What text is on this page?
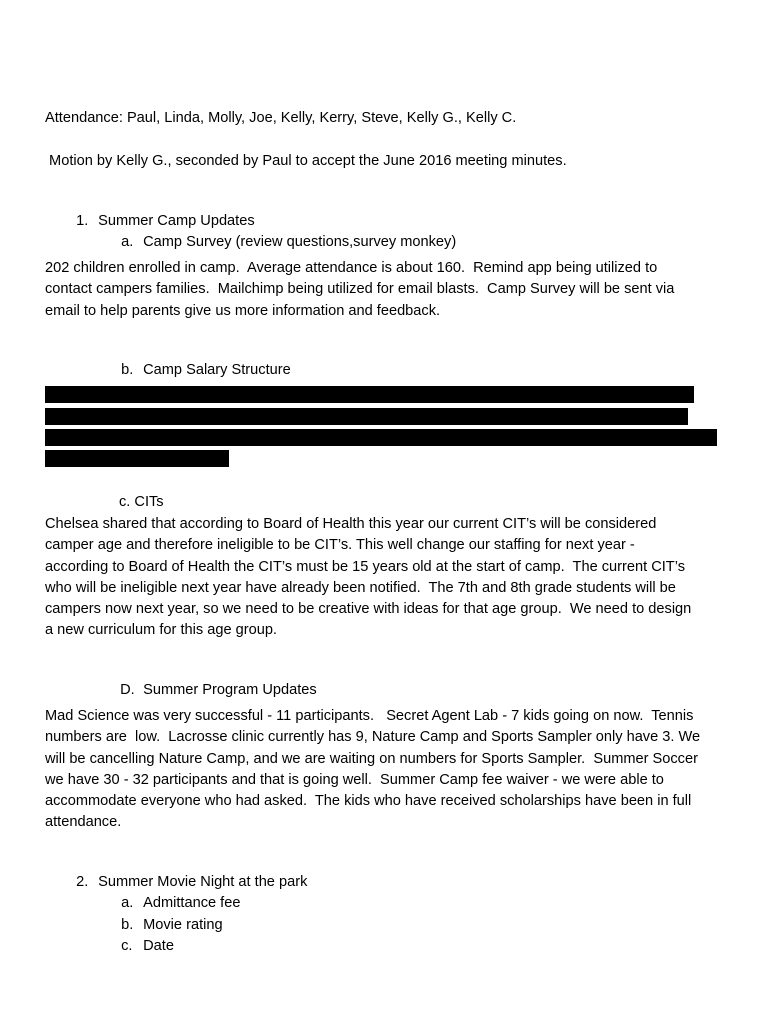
Attendance: Paul, Linda, Molly, Joe, Kelly, Kerry, Steve, Kelly G., Kelly C.

Motion by Kelly G., seconded by Paul to accept the June 2016 meeting minutes.

1. Summer Camp Updates

a. Camp Survey (review questions,survey monkey)

202 children enrolled in camp.  Average attendance is about 160.  Remind app being utilized to
contact campers families.  Mailchimp being utilized for email blasts.  Camp Survey will be sent via
email to help parents give us more information and feedback.

b. Camp Salary Structure

c. CITs
Chelsea shared that according to Board of Health this year our current CIT’s will be considered
camper age and therefore ineligible to be CIT’s. This well change our staffing for next year -
according to Board of Health the CIT’s must be 15 years old at the start of camp.  The current CIT’s
who will be ineligible next year have already been notified.  The 7th and 8th grade students will be
campers now next year, so we need to be creative with ideas for that age group.  We need to design
a new curriculum for this age group.

D. Summer Program Updates

Mad Science was very successful - 11 participants.   Secret Agent Lab - 7 kids going on now.  Tennis
numbers are  low.  Lacrosse clinic currently has 9, Nature Camp and Sports Sampler only have 3. We
will be cancelling Nature Camp, and we are waiting on numbers for Sports Sampler.  Summer Soccer
we have 30 - 32 participants and that is going well.  Summer Camp fee waiver - we were able to
accommodate everyone who had asked.  The kids who have received scholarships have been in full
attendance.

2. Summer Movie Night at the park

a. Admittance fee

b. Movie rating

c. Date
